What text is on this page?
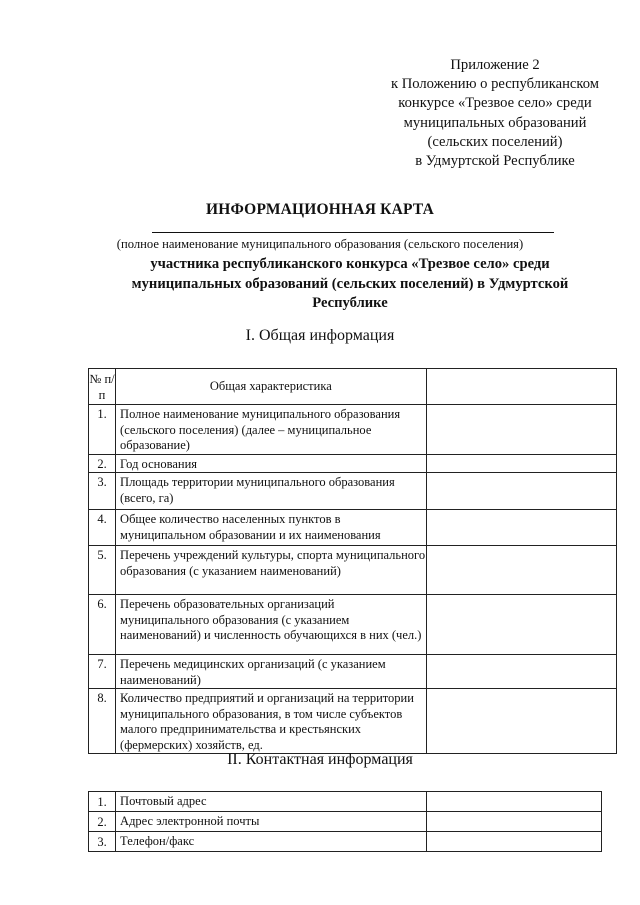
Приложение 2
к Положению о республиканском
конкурсе «Трезвое село» среди
муниципальных образований
(сельских поселений)
в Удмуртской Республике
ИНФОРМАЦИОННАЯ КАРТА
(полное наименование муниципального образования (сельского поселения)
участника республиканского конкурса «Трезвое село» среди муниципальных образований (сельских поселений) в Удмуртской Республике
I. Общая информация
№ п/п	Общая характеристика	
1.	Полное наименование муниципального образования (сельского поселения) (далее – муниципальное образование)	
2.	Год основания	
3.	Площадь территории муниципального образования (всего, га)	
4.	Общее количество населенных пунктов в муниципальном образовании и их наименования	
5.	Перечень учреждений культуры, спорта муниципального образования (с указанием наименований)	
6.	Перечень образовательных организаций муниципального образования (с указанием наименований) и численность обучающихся в них (чел.)	
7.	Перечень медицинских организаций (с указанием наименований)	
8.	Количество предприятий и организаций на территории муниципального образования, в том числе субъектов малого предпринимательства и крестьянских (фермерских) хозяйств, ед.	
II. Контактная информация
1.	Почтовый адрес	
2.	Адрес электронной почты	
3.	Телефон/факс	
